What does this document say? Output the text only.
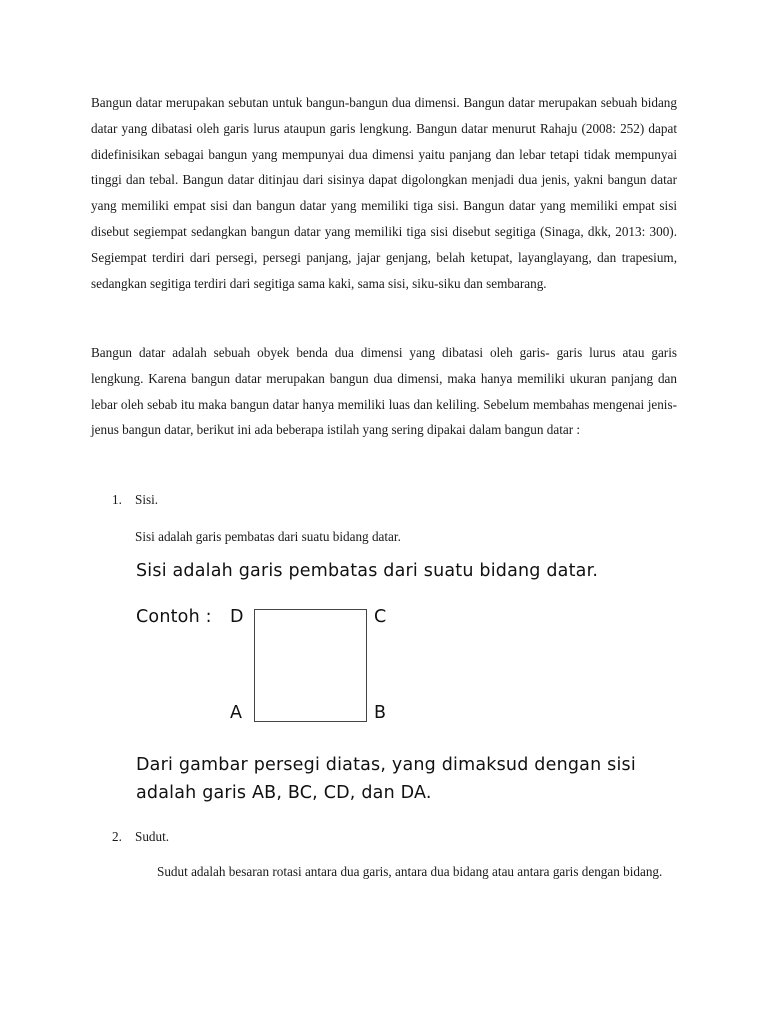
Bangun datar merupakan sebutan untuk bangun-bangun dua dimensi. Bangun datar merupakan sebuah bidang datar yang dibatasi oleh garis lurus ataupun garis lengkung. Bangun datar menurut Rahaju (2008: 252) dapat didefinisikan sebagai bangun yang mempunyai dua dimensi yaitu panjang dan lebar tetapi tidak mempunyai tinggi dan tebal. Bangun datar ditinjau dari sisinya dapat digolongkan menjadi dua jenis, yakni bangun datar yang memiliki empat sisi dan bangun datar yang memiliki tiga sisi. Bangun datar yang memiliki empat sisi disebut segiempat sedangkan bangun datar yang memiliki tiga sisi disebut segitiga (Sinaga, dkk, 2013: 300). Segiempat terdiri dari persegi, persegi panjang, jajar genjang, belah ketupat, layanglayang, dan trapesium, sedangkan segitiga terdiri dari segitiga sama kaki, sama sisi, siku-siku dan sembarang.

Bangun datar adalah sebuah obyek benda dua dimensi yang dibatasi oleh garis- garis lurus atau garis lengkung. Karena bangun datar merupakan bangun dua dimensi, maka hanya memiliki ukuran panjang dan lebar oleh sebab itu maka bangun datar hanya memiliki luas dan keliling. Sebelum membahas mengenai jenis-jenus bangun datar, berikut ini ada beberapa istilah yang sering dipakai dalam bangun datar :

1. Sisi.

Sisi adalah garis pembatas dari suatu bidang datar.

Sisi adalah garis pembatas dari suatu bidang datar.
Contoh : D	C
A	B
Dari gambar persegi diatas, yang dimaksud dengan sisi
adalah garis AB, BC, CD, dan DA.
2. Sudut.

Sudut adalah besaran rotasi antara dua garis, antara dua bidang atau antara garis dengan bidang.
